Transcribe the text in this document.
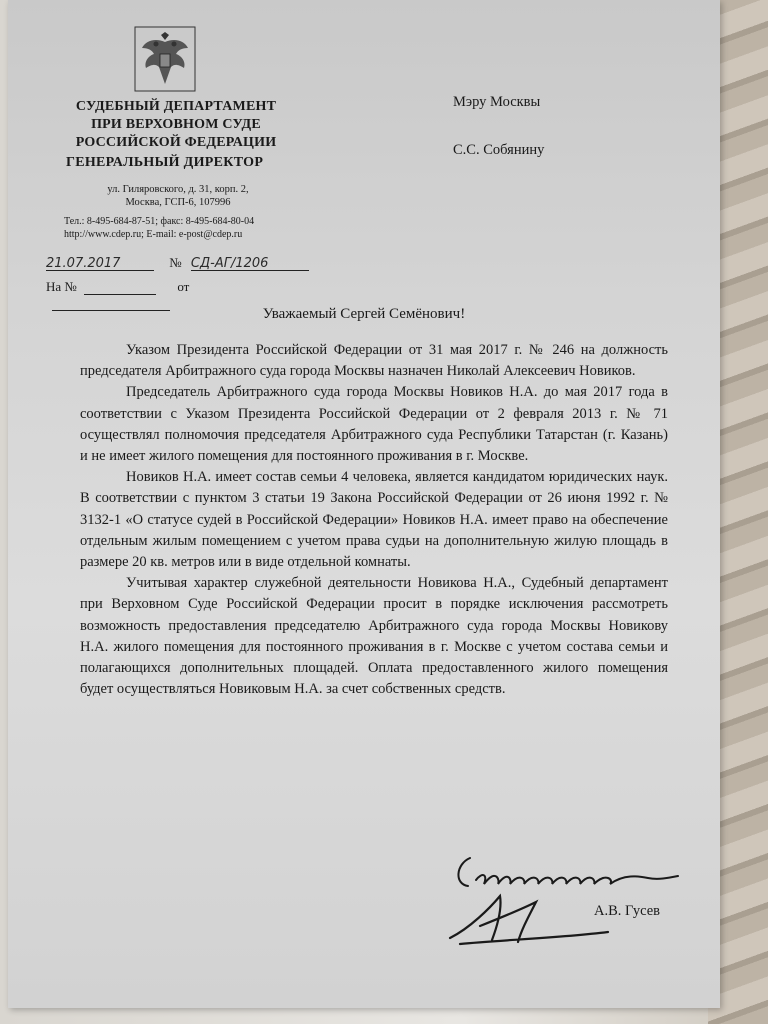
СУДЕБНЫЙ ДЕПАРТАМЕНТ
ПРИ ВЕРХОВНОМ СУДЕ
РОССИЙСКОЙ ФЕДЕРАЦИИ
ГЕНЕРАЛЬНЫЙ ДИРЕКТОР
ул. Гиляровского, д. 31, корп. 2,
Москва, ГСП-6, 107996
Тел.: 8-495-684-87-51; факс: 8-495-684-80-04
http://www.cdep.ru; E-mail: e-post@cdep.ru
21.07.2017	№ СД-АГ/1206
На №	от
Мэру Москвы
С.С. Собянину
Уважаемый Сергей Семёнович!

Указом Президента Российской Федерации от 31 мая 2017 г. № 246 на должность председателя Арбитражного суда города Москвы назначен Николай Алексеевич Новиков.

Председатель Арбитражного суда города Москвы Новиков Н.А. до мая 2017 года в соответствии с Указом Президента Российской Федерации от 2 февраля 2013 г. № 71 осуществлял полномочия председателя Арбитражного суда Республики Татарстан (г. Казань) и не имеет жилого помещения для постоянного проживания в г. Москве.

Новиков Н.А. имеет состав семьи 4 человека, является кандидатом юридических наук. В соответствии с пунктом 3 статьи 19 Закона Российской Федерации от 26 июня 1992 г. № 3132-1 «О статусе судей в Российской Федерации» Новиков Н.А. имеет право на обеспечение отдельным жилым помещением с учетом права судьи на дополнительную жилую площадь в размере 20 кв. метров или в виде отдельной комнаты.

Учитывая характер служебной деятельности Новикова Н.А., Судебный департамент при Верховном Суде Российской Федерации просит в порядке исключения рассмотреть возможность предоставления председателю Арбитражного суда города Москвы Новикову Н.А. жилого помещения для постоянного проживания в г. Москве с учетом состава семьи и полагающихся дополнительных площадей. Оплата предоставленного жилого помещения будет осуществляться Новиковым Н.А. за счет собственных средств.

А.В. Гусев
